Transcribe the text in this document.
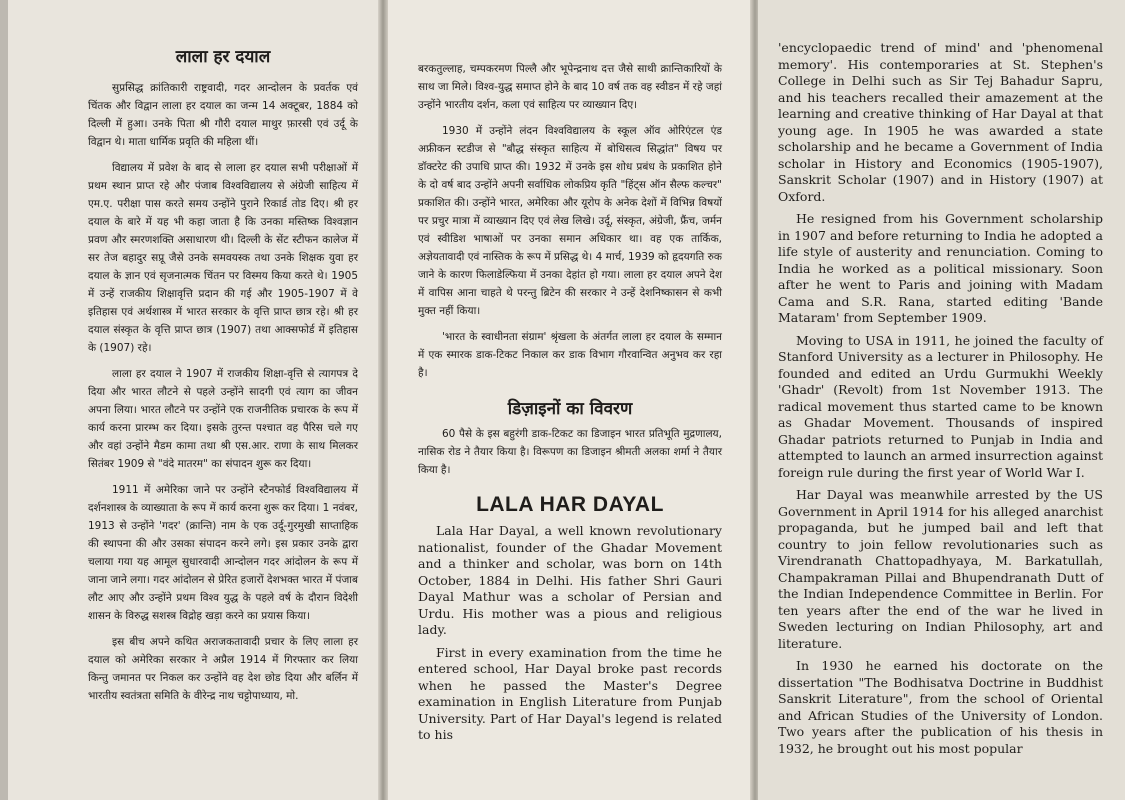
लाला हर दयाल

सुप्रसिद्ध क्रांतिकारी राष्ट्रवादी, गदर आन्दोलन के प्रवर्तक एवं चिंतक और विद्वान लाला हर दयाल का जन्म 14 अक्टूबर, 1884 को दिल्ली में हुआ। उनके पिता श्री गौरी दयाल माथुर फ़ारसी एवं उर्दू के विद्वान थे। माता धार्मिक प्रवृति की महिला थीं।

विद्यालय में प्रवेश के बाद से लाला हर दयाल सभी परीक्षाओं में प्रथम स्थान प्राप्त रहे और पंजाब विश्वविद्यालय से अंग्रेजी साहित्य में एम.ए. परीक्षा पास करते समय उन्होंने पुराने रिकार्ड तोड दिए। श्री हर दयाल के बारे में यह भी कहा जाता है कि उनका मस्तिष्क विश्वज्ञान प्रवण और स्मरणशक्ति असाधारण थी। दिल्ली के सेंट स्टीफन कालेज में सर तेज बहादुर सप्रू जैसे उनके समवयस्क तथा उनके शिक्षक युवा हर दयाल के ज्ञान एवं सृजनात्मक चिंतन पर विस्मय किया करते थे। 1905 में उन्हें राजकीय शिक्षावृत्ति प्रदान की गई और 1905-1907 में वे इतिहास एवं अर्थशास्त्र में भारत सरकार के वृत्ति प्राप्त छात्र रहे। श्री हर दयाल संस्कृत के वृत्ति प्राप्त छात्र (1907) तथा आक्सफोर्ड में इतिहास के (1907) रहे।

लाला हर दयाल ने 1907 में राजकीय शिक्षा-वृत्ति से त्यागपत्र दे दिया और भारत लौटने से पहले उन्होंने सादगी एवं त्याग का जीवन अपना लिया। भारत लौटने पर उन्होंने एक राजनीतिक प्रचारक के रूप में कार्य करना प्रारम्भ कर दिया। इसके तुरन्त पश्चात वह पैरिस चले गए और वहां उन्होंने मैडम कामा तथा श्री एस.आर. राणा के साथ मिलकर सितंबर 1909 से "वंदे मातरम" का संपादन शुरू कर दिया।

1911 में अमेरिका जाने पर उन्होंने स्टैनफोर्ड विश्वविद्यालय में दर्शनशास्त्र के व्याख्याता के रूप में कार्य करना शुरू कर दिया। 1 नवंबर, 1913 से उन्होंने 'गदर' (क्रान्ति) नाम के एक उर्दू-गुरमुखी साप्ताहिक की स्थापना की और उसका संपादन करने लगे। इस प्रकार उनके द्वारा चलाया गया यह आमूल सुधारवादी आन्दोलन गदर आंदोलन के रूप में जाना जाने लगा। गदर आंदोलन से प्रेरित हजारों देशभक्त भारत में पंजाब लौट आए और उन्होंने प्रथम विश्व युद्ध के पहले वर्ष के दौरान विदेशी शासन के विरुद्ध सशस्त्र विद्रोह खड़ा करने का प्रयास किया।

इस बीच अपने कथित अराजकतावादी प्रचार के लिए लाला हर दयाल को अमेरिका सरकार ने अप्रैल 1914 में गिरफ्तार कर लिया किन्तु जमानत पर निकल कर उन्होंने वह देश छोड दिया और बर्लिन में भारतीय स्वतंत्रता समिति के वीरेन्द्र नाथ चट्टोपाध्याय, मो.

बरकतुल्लाह, चम्पकरमण पिल्लै और भूपेन्द्रनाथ दत्त जैसे साथी क्रान्तिकारियों के साथ जा मिले। विश्व-युद्ध समाप्त होने के बाद 10 वर्ष तक वह स्वीडन में रहे जहां उन्होंने भारतीय दर्शन, कला एवं साहित्य पर व्याख्यान दिए।

1930 में उन्होंने लंदन विश्वविद्यालय के स्कूल ऑव ओरिएंटल एंड अफ्रीकन स्टडीज से "बौद्ध संस्कृत साहित्य में बोधिसत्व सिद्धांत" विषय पर डॉक्टरेट की उपाधि प्राप्त की। 1932 में उनके इस शोध प्रबंध के प्रकाशित होने के दो वर्ष बाद उन्होंने अपनी सर्वाधिक लोकप्रिय कृति "हिंट्स ऑन सैल्फ कल्चर" प्रकाशित की। उन्होंने भारत, अमेरिका और यूरोप के अनेक देशों में विभिन्न विषयों पर प्रचुर मात्रा में व्याख्यान दिए एवं लेख लिखे। उर्दू, संस्कृत, अंग्रेजी, फ्रैंच, जर्मन एवं स्वीडिश भाषाओं पर उनका समान अधिकार था। वह एक तार्किक, अज्ञेयतावादी एवं नास्तिक के रूप में प्रसिद्ध थे। 4 मार्च, 1939 को हृदयगति रुक जाने के कारण फिलाडेल्फिया में उनका देहांत हो गया। लाला हर दयाल अपने देश में वापिस आना चाहते थे परन्तु ब्रिटेन की सरकार ने उन्हें देशनिष्कासन से कभी मुक्त नहीं किया।

'भारत के स्वाधीनता संग्राम' श्रृंखला के अंतर्गत लाला हर दयाल के सम्मान में एक स्मारक डाक-टिकट निकाल कर डाक विभाग गौरवान्वित अनुभव कर रहा है।

डिज़ाइनों का विवरण

60 पैसे के इस बहुरंगी डाक-टिकट का डिजाइन भारत प्रतिभूति मुद्रणालय, नासिक रोड ने तैयार किया है। विरूपण का डिजाइन श्रीमती अलका शर्मा ने तैयार किया है।

LALA HAR DAYAL

Lala Har Dayal, a well known revolutionary nationalist, founder of the Ghadar Movement and a thinker and scholar, was born on 14th October, 1884 in Delhi. His father Shri Gauri Dayal Mathur was a scholar of Persian and Urdu. His mother was a pious and religious lady.

First in every examination from the time he entered school, Har Dayal broke past records when he passed the Master's Degree examination in English Literature from Punjab University. Part of Har Dayal's legend is related to his

'encyclopaedic trend of mind' and 'phenomenal memory'. His contemporaries at St. Stephen's College in Delhi such as Sir Tej Bahadur Sapru, and his teachers recalled their amazement at the learning and creative thinking of Har Dayal at that young age. In 1905 he was awarded a state scholarship and he became a Government of India scholar in History and Economics (1905-1907), Sanskrit Scholar (1907) and in History (1907) at Oxford.

He resigned from his Government scholarship in 1907 and before returning to India he adopted a life style of austerity and renunciation. Coming to India he worked as a political missionary. Soon after he went to Paris and joining with Madam Cama and S.R. Rana, started editing 'Bande Mataram' from September 1909.

Moving to USA in 1911, he joined the faculty of Stanford University as a lecturer in Philosophy. He founded and edited an Urdu Gurmukhi Weekly 'Ghadr' (Revolt) from 1st November 1913. The radical movement thus started came to be known as Ghadar Movement. Thousands of inspired Ghadar patriots returned to Punjab in India and attempted to launch an armed insurrection against foreign rule during the first year of World War I.

Har Dayal was meanwhile arrested by the US Government in April 1914 for his alleged anarchist propaganda, but he jumped bail and left that country to join fellow revolutionaries such as Virendranath Chattopadhyaya, M. Barkatullah, Champakraman Pillai and Bhupendranath Dutt of the Indian Independence Committee in Berlin. For ten years after the end of the war he lived in Sweden lecturing on Indian Philosophy, art and literature.

In 1930 he earned his doctorate on the dissertation "The Bodhisatva Doctrine in Buddhist Sanskrit Literature", from the school of Oriental and African Studies of the University of London. Two years after the publication of his thesis in 1932, he brought out his most popular
